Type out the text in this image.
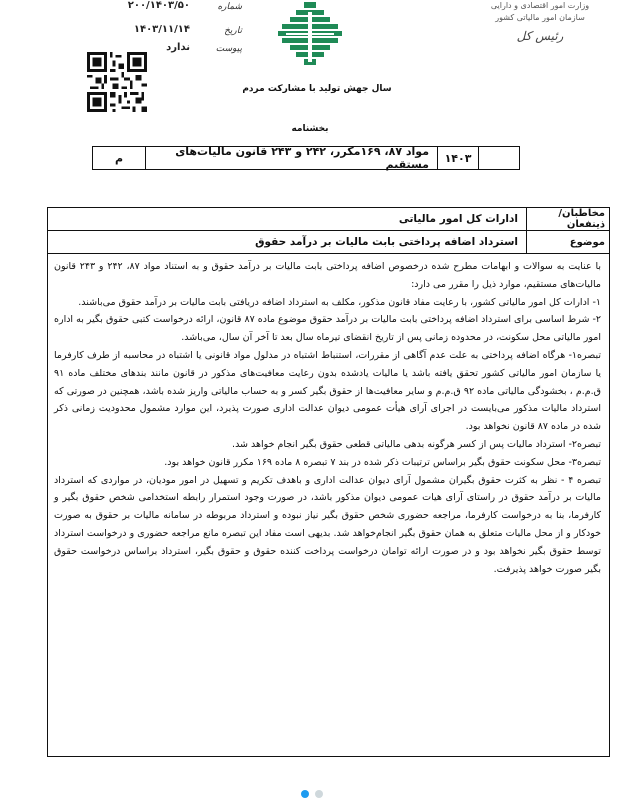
وزارت امور اقتصادی و دارایی
سازمان امور مالیاتی کشور
رئیس کل
شماره
۲۰۰/۱۴۰۳/۵۰
تاریخ
۱۴۰۳/۱۱/۱۴
پیوست
ندارد
سال جهش تولید با مشارکت مردم
بخشنامه
۱۴۰۳
مواد ۸۷، ۱۶۹مکرر، ۲۴۲ و ۲۴۳ قانون مالیات‌های مستقیم
م
مخاطبان/ ذینفعان
ادارات کل امور مالیاتی
موضوع
استرداد اضافه پرداختی بابت مالیات بر درآمد حقوق

با عنایت به سوالات و ابهامات مطرح شده درخصوص اضافه پرداختی بابت مالیات بر درآمد حقوق و به استناد مواد ۸۷، ۲۴۲ و ۲۴۳ قانون مالیات‌های مستقیم، موارد ذیل را مقرر می دارد:

۱- ادارات کل امور مالیاتی کشور، با رعایت مفاد قانون مذکور، مکلف به استرداد اضافه دریافتی بابت مالیات بر درآمد حقوق می‌باشند.

۲- شرط اساسی برای استرداد اضافه پرداختی بابت مالیات بر درآمد حقوق موضوع ماده ۸۷ قانون، ارائه درخواست کتبی حقوق بگیر به اداره امور مالیاتی محل سکونت، در محدوده زمانی پس از تاریخ انقضای تیرماه سال بعد تا آخر آن سال، می‌باشد.

تبصره۱- هرگاه اضافه پرداختی به علت عدم آگاهی از مقررات، استنباط اشتباه در مدلول مواد قانونی یا اشتباه در محاسبه از طرف کارفرما یا سازمان امور مالیاتی کشور تحقق یافته باشد یا مالیات یادشده بدون رعایت معافیت‌های مذکور در قانون مانند بندهای مختلف ماده ۹۱ ق.م.م ، بخشودگی مالیاتی ماده ۹۲ ق.م.م و سایر معافیت‌ها از حقوق بگیر کسر و به حساب مالیاتی واریز شده باشد، همچنین در صورتی که استرداد مالیات مذکور می‌بایست در اجرای آرای هیأت عمومی دیوان عدالت اداری صورت پذیرد، این موارد مشمول محدودیت زمانی ذکر شده در ماده ۸۷ قانون نخواهد بود.

تبصره۲- استرداد مالیات پس از کسر هرگونه بدهی مالیاتی قطعی حقوق بگیر انجام خواهد شد.

تبصره۳- محل سکونت حقوق بگیر براساس ترتیبات ذکر شده در بند ۷ تبصره ۸ ماده ۱۶۹ مکرر قانون خواهد بود.

تبصره ۴ - نظر به کثرت حقوق بگیران مشمول آرای دیوان عدالت اداری و باهدف تکریم و تسهیل در امور مودیان، در مواردی که استرداد مالیات بر درآمد حقوق در راستای آرای هیات عمومی دیوان مذکور باشد، در صورت وجود استمرار رابطه استخدامی شخص حقوق بگیر و کارفرما، بنا به درخواست کارفرما، مراجعه حضوری شخص حقوق بگیر نیاز نبوده و استرداد مربوطه در سامانه مالیات بر حقوق به صورت خودکار و از محل مالیات متعلق به همان حقوق بگیر انجام‌خواهد شد. بدیهی است مفاد این تبصره مانع مراجعه حضوری و درخواست استرداد توسط حقوق بگیر نخواهد بود و در صورت ارائه توامان درخواست پرداخت کننده حقوق و حقوق بگیر، استرداد براساس درخواست حقوق بگیر صورت خواهد پذیرفت.
